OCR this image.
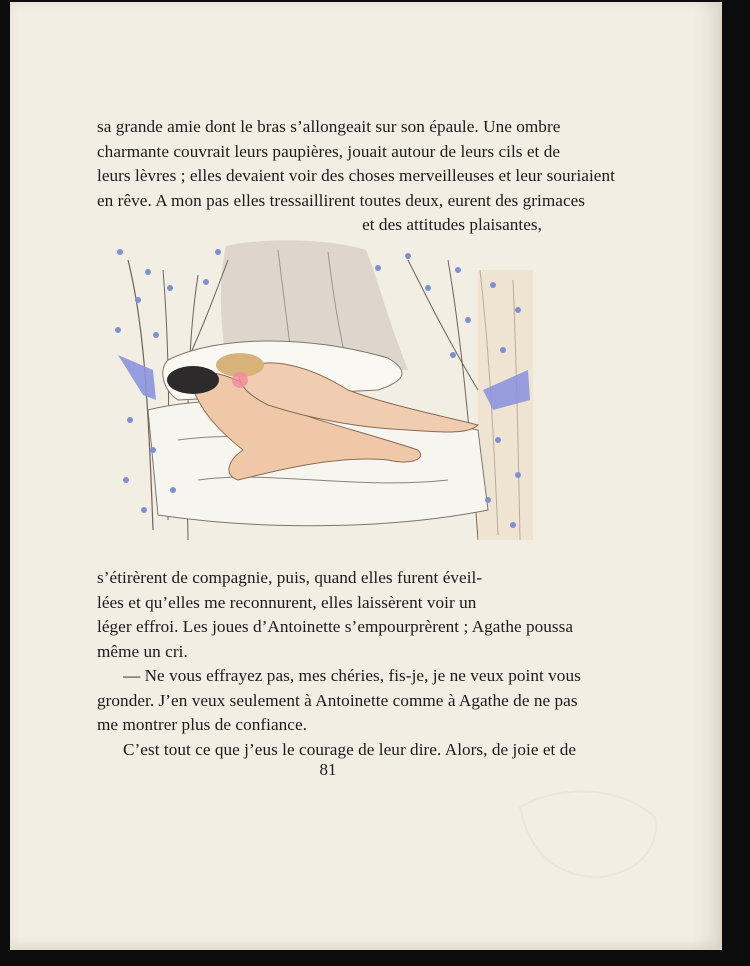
sa grande amie dont le bras s’allongeait sur son épaule. Une ombre
charmante couvrait leurs paupières, jouait autour de leurs cils et de
leurs lèvres ; elles devaient voir des choses merveilleuses et leur souriaient
en rêve. A mon pas elles tressaillirent toutes deux, eurent des grimaces
et des attitudes plaisantes,
s’étirèrent de compagnie, puis, quand elles furent éveil-
lées et qu’elles me reconnurent, elles laissèrent voir un
léger effroi. Les joues d’Antoinette s’empourprèrent ; Agathe poussa
même un cri.
— Ne vous effrayez pas, mes chéries, fis-je, je ne veux point vous
gronder. J’en veux seulement à Antoinette comme à Agathe de ne pas
me montrer plus de confiance.
C’est tout ce que j’eus le courage de leur dire. Alors, de joie et de
81
